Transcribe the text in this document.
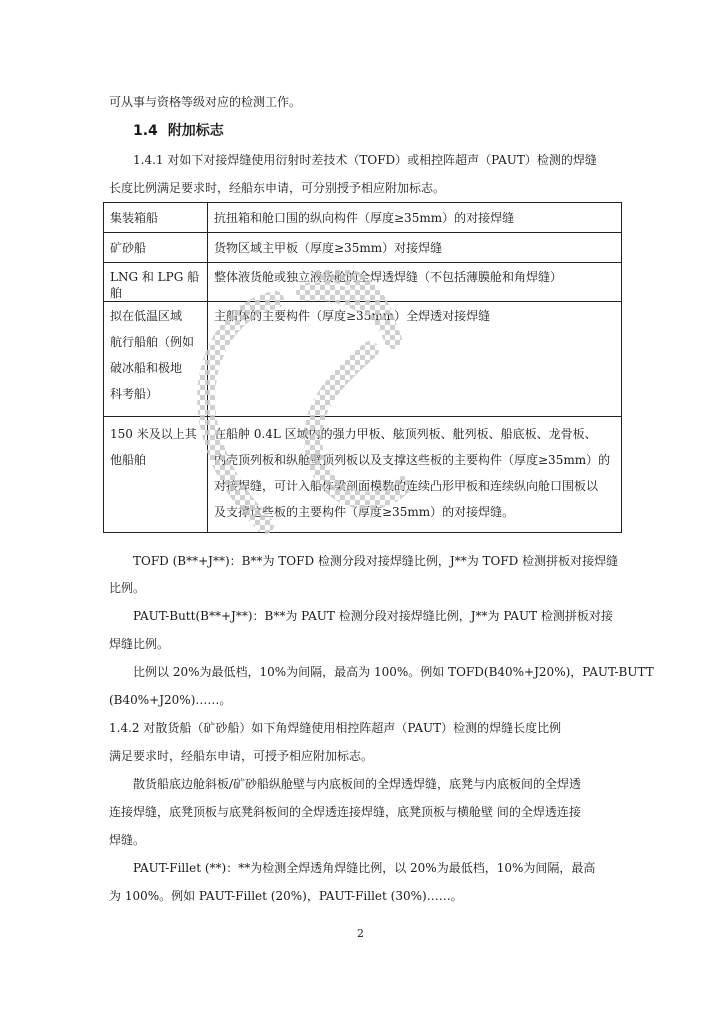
可从事与资格等级对应的检测工作。
1.4 附加标志
1.4.1 对如下对接焊缝使用衍射时差技术（TOFD）或相控阵超声（PAUT）检测的焊缝
长度比例满足要求时，经船东申请，可分别授予相应附加标志。
集装箱船	抗扭箱和舱口围的纵向构件（厚度≥35mm）的对接焊缝

矿砂船	货物区域主甲板（厚度≥35mm）对接焊缝

LNG 和 LPG 船舶	整体液货舱或独立液货舱的全焊透焊缝（不包括薄膜舱和角焊缝）

拟在低温区域
航行船舶（例如
破冰船和极地
科考船）	主船体的主要构件（厚度≥35mm）全焊透对接焊缝

150 米及以上其
他船舶	在船舯 0.4L 区域内的强力甲板、舷顶列板、舭列板、船底板、龙骨板、
内壳顶列板和纵舱壁顶列板以及支撑这些板的主要构件（厚度≥35mm）的
对接焊缝，可计入船体梁剖面模数的连续凸形甲板和连续纵向舱口围板以
及支撑这些板的主要构件（厚度≥35mm）的对接焊缝。
TOFD (B**+J**)：B**为 TOFD 检测分段对接焊缝比例，J**为 TOFD 检测拼板对接焊缝
比例。
PAUT-Butt(B**+J**)：B**为 PAUT 检测分段对接焊缝比例，J**为 PAUT 检测拼板对接
焊缝比例。
比例以 20%为最低档，10%为间隔，最高为 100%。例如 TOFD(B40%+J20%)，PAUT-BUTT
(B40%+J20%)……。
1.4.2 对散货船（矿砂船）如下角焊缝使用相控阵超声（PAUT）检测的焊缝长度比例
满足要求时，经船东申请，可授予相应附加标志。
散货船底边舱斜板/矿砂船纵舱壁与内底板间的全焊透焊缝，底凳与内底板间的全焊透
连接焊缝，底凳顶板与底凳斜板间的全焊透连接焊缝，底凳顶板与横舱壁 间的全焊透连接
焊缝。
PAUT-Fillet (**)：**为检测全焊透角焊缝比例，以 20%为最低档，10%为间隔，最高
为 100%。例如 PAUT-Fillet (20%)，PAUT-Fillet (30%)……。
2
